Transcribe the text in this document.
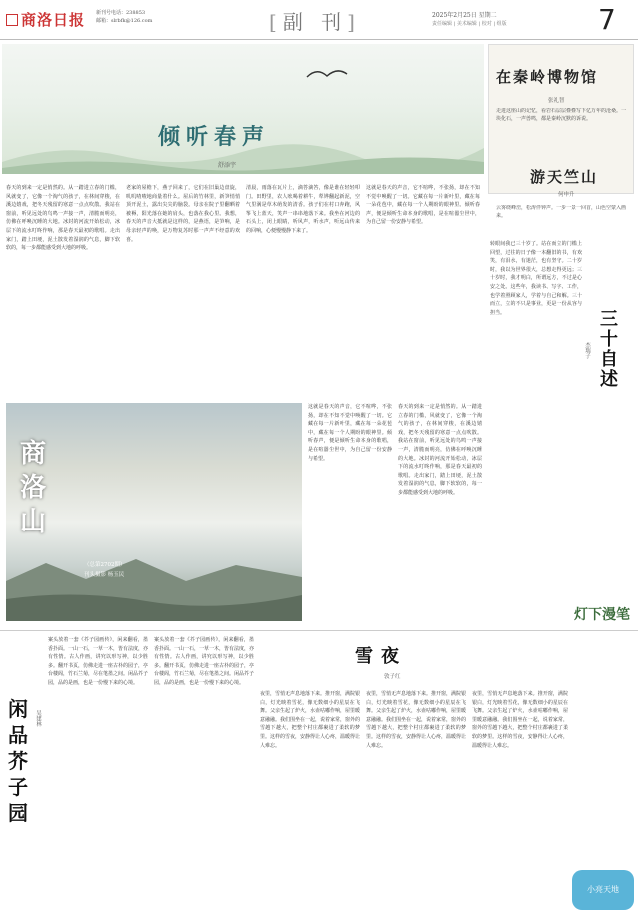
商洛日报 新刊号电话：238853
邮箱：slrbfk@126.com	[副 刊]	2025年2月25日 星期二
责任编辑 | 美术编辑 | 校对 | 组版	7
倾听春声
舒添宇
春天的到来一定是悄然的。从一踏进立春的门槛，风就变了，它像一个淘气的孩子，在林间穿梭，在溪边嬉戏，把冬天残留的寒意一点点吹散。我站在窗前，听见远处的鸟鸣一声接一声，清脆而明亮，仿佛在呼唤沉睡的大地。冰封的河流开始松动，冰层下的流水叮咚作响，那是春天最初的歌唱。走出家门，踏上田埂，泥土散发着湿润的气息，脚下软软的，每一步都能感受到大地的呼吸。
老家的屋檐下，燕子回来了，它们在旧巢边盘旋，叽叽喳喳地商量着什么。屋后的竹林里，新笋悄悄顶开泥土，露出尖尖的脑袋。母亲在院子里翻晒着被褥，阳光落在她的肩头，也落在我心里。我想，春天的声音大抵就是这样的，是燕语，是笋响，是母亲轻声的唤，是万物复苏时那一声声不经意的欢喜。
清晨，雨落在瓦片上，滴答滴答，像是谁在轻轻叩门。田野里，农人吆喝着耕牛，犁铧翻起新泥，空气里满是草木萌发的清香。孩子们在村口奔跑，风筝飞上蓝天，笑声一串串地落下来。我坐在河边的石头上，闭上眼睛，听风声，听水声，听远山传来的回响，心便慢慢静下来了。
这就是春天的声音，它不喧哗，不张扬，却在不知不觉中唤醒了一切。它藏在每一片新叶里，藏在每一朵花苞中，藏在每一个人期盼的眼神里。倾听春声，便是倾听生命本身的歌唱，是在喧嚣尘世中，为自己留一份安静与希望。
商洛山
（总第2702期）
刊头摄影 杨玉民
这就是春天的声音，它不喧哗，不张扬，却在不知不觉中唤醒了一切。它藏在每一片新叶里，藏在每一朵花苞中，藏在每一个人期盼的眼神里。倾听春声，便是倾听生命本身的歌唱，是在喧嚣尘世中，为自己留一份安静与希望。
春天的到来一定是悄然的。从一踏进立春的门槛，风就变了，它像一个淘气的孩子，在林间穿梭，在溪边嬉戏，把冬天残留的寒意一点点吹散。我站在窗前，听见远处的鸟鸣一声接一声，清脆而明亮，仿佛在呼唤沉睡的大地。冰封的河流开始松动，冰层下的流水叮咚作响，那是春天最初的歌唱。走出家门，踏上田埂，泥土散发着湿润的气息，脚下软软的，每一步都能感受到大地的呼吸。
在秦岭博物馆
张礼智
走进这座山的记忆，看岩石层层叠叠写下亿万年的沧桑。一块化石，一声兽鸣，都是秦岭沉默的诉说。
游天竺山
何申升
云雾绕峰峦，松涛伴钟声。一步一景一回首，山色空蒙入画来。
转眼间我已三十岁了。站在而立的门槛上回望，过往的日子像一本翻旧的书，有欢笑，有泪水，有迷茫，也有坚守。二十岁时，我以为世界很大，总想走得更远；三十岁时，我才明白，所谓远方，不过是心安之处。这些年，我读书、写字、工作，也学着照顾家人，学着与自己和解。三十而立，立的不只是事业，更是一份从容与担当。	三十自述
杰瑞子
灯下漫笔
雪夜
敦子红
夜里，雪悄无声息地落下来。推开窗，满院银白，灯光映着雪花，像无数细小的星辰在飞舞。父亲生起了炉火，水壶咕嘟作响，屋里暖意融融。我们围坐在一起，说着家常，窗外的雪越下越大，把整个村庄都裹进了柔软的梦里。这样的雪夜，安静得让人心疼，温暖得让人难忘。
夜里，雪悄无声息地落下来。推开窗，满院银白，灯光映着雪花，像无数细小的星辰在飞舞。父亲生起了炉火，水壶咕嘟作响，屋里暖意融融。我们围坐在一起，说着家常，窗外的雪越下越大，把整个村庄都裹进了柔软的梦里。这样的雪夜，安静得让人心疼，温暖得让人难忘。
夜里，雪悄无声息地落下来。推开窗，满院银白，灯光映着雪花，像无数细小的星辰在飞舞。父亲生起了炉火，水壶咕嘟作响，屋里暖意融融。我们围坐在一起，说着家常，窗外的雪越下越大，把整个村庄都裹进了柔软的梦里。这样的雪夜，安静得让人心疼，温暖得让人难忘。
闲品芥子园
吴建林
案头放着一套《芥子园画传》，闲来翻看，墨香扑面。一山一石，一草一木，皆有法度，亦有性情。古人作画，讲究以形写神，以少胜多。翻开书页，仿佛走进一座古朴的园子，亭台楼阁，竹石兰菊，尽在笔墨之间。闲品芥子园，品的是画，也是一份慢下来的心境。
案头放着一套《芥子园画传》，闲来翻看，墨香扑面。一山一石，一草一木，皆有法度，亦有性情。古人作画，讲究以形写神，以少胜多。翻开书页，仿佛走进一座古朴的园子，亭台楼阁，竹石兰菊，尽在笔墨之间。闲品芥子园，品的是画，也是一份慢下来的心境。
小亮天地
